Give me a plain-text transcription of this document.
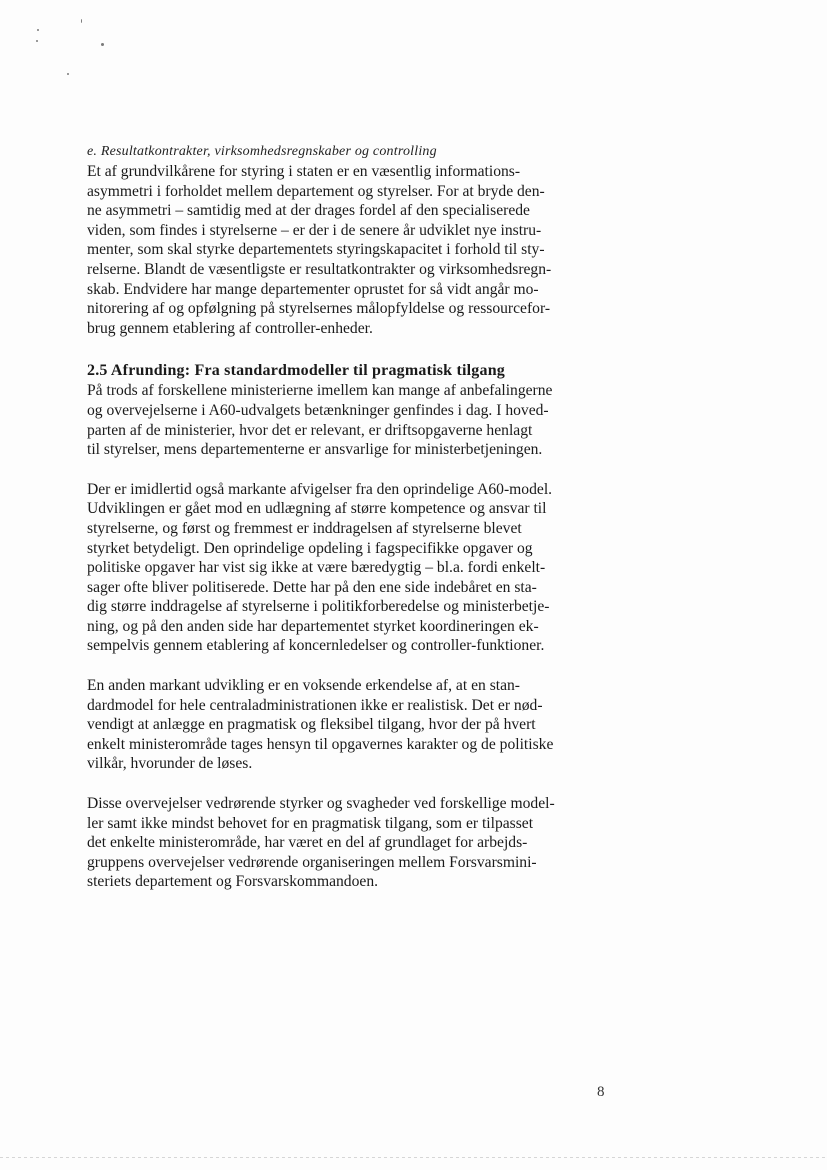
e. Resultatkontrakter, virksomhedsregnskaber og controlling

Et af grundvilkårene for styring i staten er en væsentlig informations-
asymmetri i forholdet mellem departement og styrelser. For at bryde den-
ne asymmetri – samtidig med at der drages fordel af den specialiserede
viden, som findes i styrelserne – er der i de senere år udviklet nye instru-
menter, som skal styrke departementets styringskapacitet i forhold til sty-
relserne. Blandt de væsentligste er resultatkontrakter og virksomhedsregn-
skab. Endvidere har mange departementer oprustet for så vidt angår mo-
nitorering af og opfølgning på styrelsernes målopfyldelse og ressourcefor-
brug gennem etablering af controller-enheder.

2.5 Afrunding: Fra standardmodeller til pragmatisk tilgang

På trods af forskellene ministerierne imellem kan mange af anbefalingerne
og overvejelserne i A60-udvalgets betænkninger genfindes i dag. I hoved-
parten af de ministerier, hvor det er relevant, er driftsopgaverne henlagt
til styrelser, mens departementerne er ansvarlige for ministerbetjeningen.

Der er imidlertid også markante afvigelser fra den oprindelige A60-model.
Udviklingen er gået mod en udlægning af større kompetence og ansvar til
styrelserne, og først og fremmest er inddragelsen af styrelserne blevet
styrket betydeligt. Den oprindelige opdeling i fagspecifikke opgaver og
politiske opgaver har vist sig ikke at være bæredygtig – bl.a. fordi enkelt-
sager ofte bliver politiserede. Dette har på den ene side indebåret en sta-
dig større inddragelse af styrelserne i politikforberedelse og ministerbetje-
ning, og på den anden side har departementet styrket koordineringen ek-
sempelvis gennem etablering af koncernledelser og controller-funktioner.

En anden markant udvikling er en voksende erkendelse af, at en stan-
dardmodel for hele centraladministrationen ikke er realistisk. Det er nød-
vendigt at anlægge en pragmatisk og fleksibel tilgang, hvor der på hvert
enkelt ministerområde tages hensyn til opgavernes karakter og de politiske
vilkår, hvorunder de løses.

Disse overvejelser vedrørende styrker og svagheder ved forskellige model-
ler samt ikke mindst behovet for en pragmatisk tilgang, som er tilpasset
det enkelte ministerområde, har været en del af grundlaget for arbejds-
gruppens overvejelser vedrørende organiseringen mellem Forsvarsmini-
steriets departement og Forsvarskommandoen.

8
